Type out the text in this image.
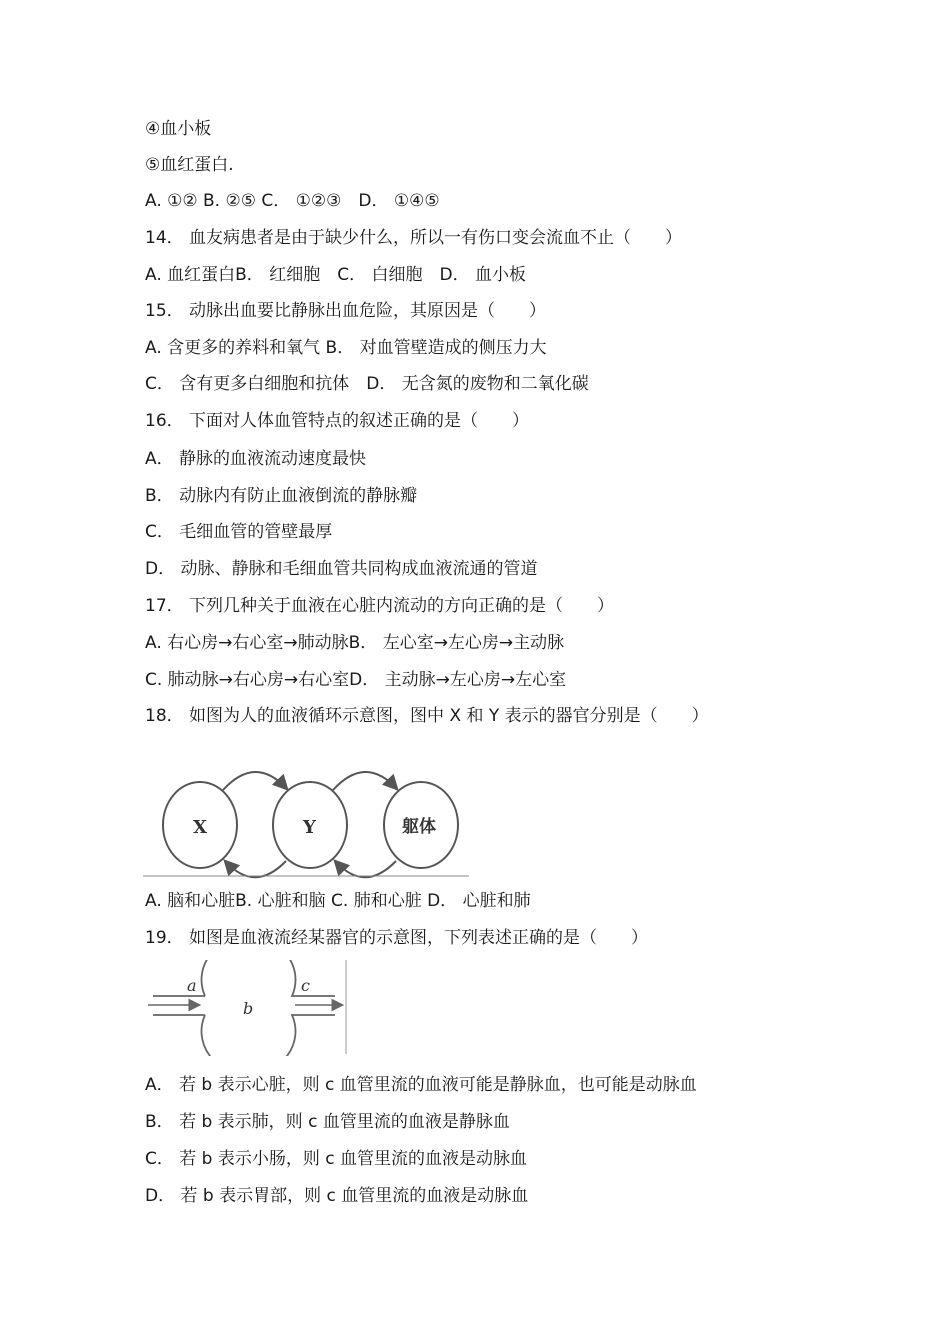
④血小板
⑤血红蛋白.
A. ①② B. ②⑤ C． ①②③　D． ①④⑤
14． 血友病患者是由于缺少什么，所以一有伤口变会流血不止（　　）
A. 血红蛋白B． 红细胞　C． 白细胞　D． 血小板
15． 动脉出血要比静脉出血危险，其原因是（　　）
A. 含更多的养料和氧气 B． 对血管壁造成的侧压力大
C． 含有更多白细胞和抗体　D． 无含氮的废物和二氧化碳
16． 下面对人体血管特点的叙述正确的是（　　）
A． 静脉的血液流动速度最快
B． 动脉内有防止血液倒流的静脉瓣
C． 毛细血管的管壁最厚
D． 动脉、静脉和毛细血管共同构成血液流通的管道
17． 下列几种关于血液在心脏内流动的方向正确的是（　　）
A. 右心房→右心室→肺动脉B． 左心室→左心房→主动脉
C. 肺动脉→右心房→右心室D． 主动脉→左心房→左心室
18． 如图为人的血液循环示意图，图中 X 和 Y 表示的器官分别是（　　）
X	Y	躯体
A. 脑和心脏B. 心脏和脑 C. 肺和心脏 D． 心脏和肺
19． 如图是血液流经某器官的示意图，下列表述正确的是（　　）
a
b
c
A． 若 b 表示心脏，则 c 血管里流的血液可能是静脉血，也可能是动脉血
B． 若 b 表示肺，则 c 血管里流的血液是静脉血
C． 若 b 表示小肠，则 c 血管里流的血液是动脉血
D． 若 b 表示胃部，则 c 血管里流的血液是动脉血
